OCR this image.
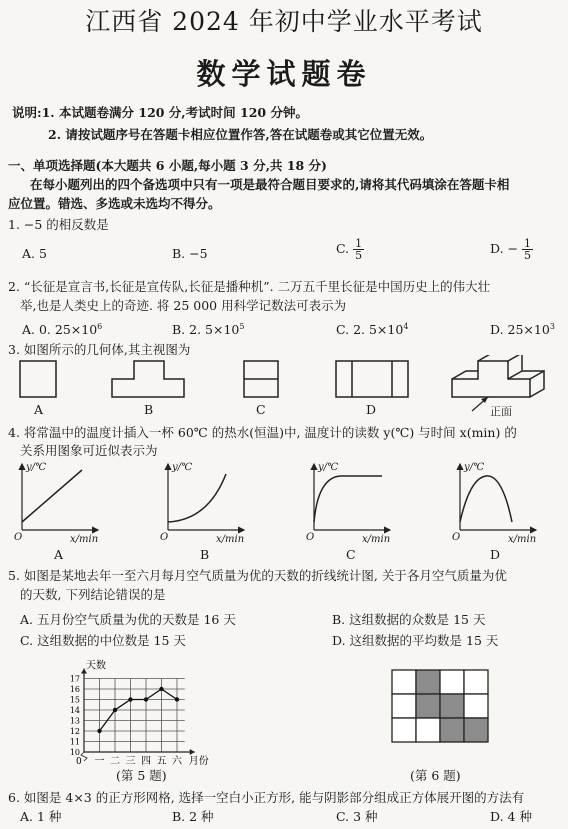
江西省 2024 年初中学业水平考试
数学试题卷
说明:1. 本试题卷满分 120 分,考试时间 120 分钟。
2. 请按试题序号在答题卡相应位置作答,答在试题卷或其它位置无效。
一、单项选择题(本大题共 6 小题,每小题 3 分,共 18 分)
在每小题列出的四个备选项中只有一项是最符合题目要求的,请将其代码填涂在答题卡相
应位置。错选、多选或未选均不得分。
1. −5 的相反数是
A. 5	B. −5	C. $\frac{1}{5}$	D. − $\frac{1}{5}$
2. “长征是宣言书,长征是宣传队,长征是播种机”. 二万五千里长征是中国历史上的伟大壮
举,也是人类史上的奇迹. 将 25 000 用科学记数法可表示为
A. 0. $25\times 10^6$	B. 2. $5\times 10^5$	C. 2. $5\times 10^4$	D. $25\times 10^3$
3. 如图所示的几何体,其主视图为
A	B	C	D	正面
4. 将常温中的温度计插入一杯 60℃ 的热水(恒温)中, 温度计的读数 y(℃) 与时间 x(min) 的
关系用图象可近似表示为
y/℃
x/min
O
y/℃
x/min
O
y/℃
x/min
O
y/℃
x/min
O
A	B	C	D
5. 如图是某地去年一至六月每月空气质量为优的天数的折线统计图, 关于各月空气质量为优
的天数, 下列结论错误的是
A. 五月份空气质量为优的天数是 16 天	B. 这组数据的众数是 15 天
C. 这组数据的中位数是 15 天	D. 这组数据的平均数是 15 天
10
11
12
13
14
15
16
17
一 二 三 四 五 六
0
天数
月份
(第 5 题)	(第 6 题)
6. 如图是 4×3 的正方形网格, 选择一空白小正方形, 能与阴影部分组成正方体展开图的方法有
A. 1 种	B. 2 种	C. 3 种	D. 4 种
